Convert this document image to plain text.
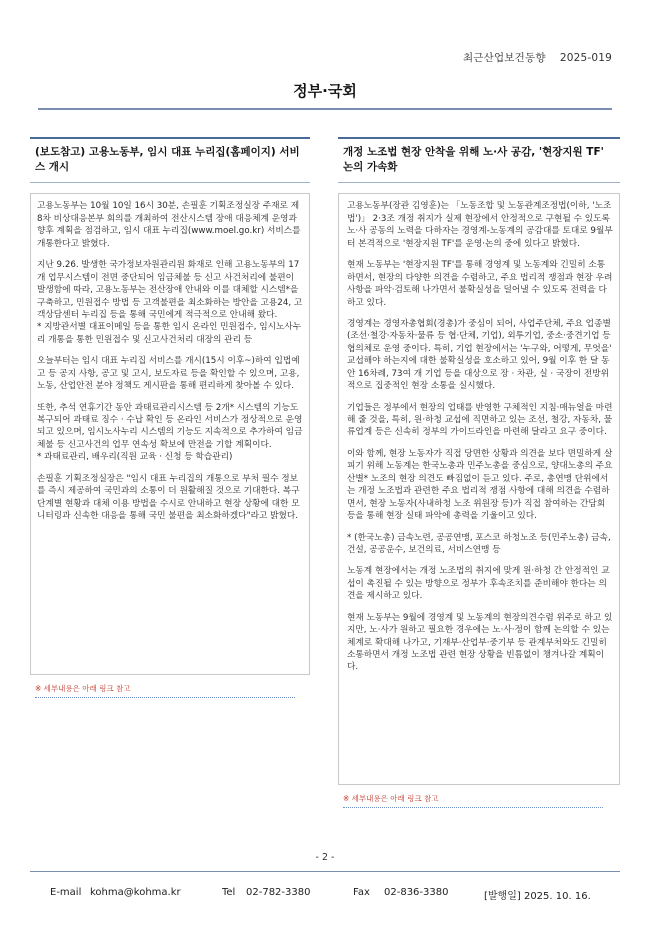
최근산업보건동향 2025-019
정부·국회
(보도참고) 고용노동부, 임시 대표 누리집(홈페이지) 서비스 개시

고용노동부는 10월 10일 16시 30분, 손필훈 기획조정실장 주재로 제8차 비상대응본부 회의를 개최하여 전산시스템 장애 대응체계 운영과 향후 계획을 점검하고, 임시 대표 누리집(www.moel.go.kr) 서비스를 개통한다고 밝혔다.

지난 9.26. 발생한 국가정보자원관리원 화재로 인해 고용노동부의 17개 업무시스템이 전면 중단되어 임금체불 등 신고 사건처리에 불편이 발생함에 따라, 고용노동부는 전산장애 안내와 이를 대체할 시스템*을 구축하고, 민원접수 방법 등 고객불편을 최소화하는 방안을 고용24, 고객상담센터 누리집 등을 통해 국민에게 적극적으로 안내해 왔다.
* 지방관서별 대표이메일 등을 통한 임시 온라인 민원접수, 임시노사누리 개통을 통한 민원접수 및 신고사건처리 대장의 관리 등

오늘부터는 임시 대표 누리집 서비스를 개시(15시 이후~)하여 입법예고 등 공지 사항, 공고 및 고시, 보도자료 등을 확인할 수 있으며, 고용, 노동, 산업안전 분야 정책도 게시판을 통해 편리하게 찾아볼 수 있다.

또한, 추석 연휴기간 동안 과태료관리시스템 등 2개* 시스템의 기능도 복구되어 과태료 징수 · 수납 확인 등 온라인 서비스가 정상적으로 운영되고 있으며, 임시노사누리 시스템의 기능도 지속적으로 추가하여 임금체불 등 신고사건의 업무 연속성 확보에 만전을 기할 계획이다.
* 과태료관리, 배우리(직원 교육 · 신청 등 학습관리)

손필훈 기획조정실장은 "임시 대표 누리집의 개통으로 부처 필수 정보를 즉시 제공하여 국민과의 소통이 더 원활해질 것으로 기대한다. 복구 단계별 현황과 대체 이용 방법을 수시로 안내하고 현장 상황에 대한 모니터링과 신속한 대응을 통해 국민 불편을 최소화하겠다"라고 밝혔다.

※ 세부내용은 아래 링크 참고
개정 노조법 현장 안착을 위해 노·사 공감, '현장지원 TF' 논의 가속화

고용노동부(장관 김영훈)는 「노동조합 및 노동관계조정법(이하, '노조법')」 2·3조 개정 취지가 실제 현장에서 안정적으로 구현될 수 있도록 노·사 공동의 노력을 다하자는 경영계-노동계의 공감대를 토대로 9월부터 본격적으로 '현장지원 TF'를 운영·논의 중에 있다고 밝혔다.

현재 노동부는 '현장지원 TF'를 통해 경영계 및 노동계와 긴밀히 소통하면서, 현장의 다양한 의견을 수렴하고, 주요 법리적 쟁점과 현장 우려사항을 파악·검토해 나가면서 불확실성을 덜어낼 수 있도록 전력을 다하고 있다.

경영계는 경영자총협회(경총)가 중심이 되어, 사업주단체, 주요 업종별(조선·철강·자동차·물류 등 협·단체, 기업), 외투기업, 중소·중견기업 등 협의체로 운영 중이다. 특히, 기업 현장에서는 '누구와, 어떻게, 무엇을' 교섭해야 하는지에 대한 불확실성을 호소하고 있어, 9월 이후 한 달 동안 16차례, 73여 개 기업 등을 대상으로 장 · 차관, 실 · 국장이 전방위적으로 집중적인 현장 소통을 실시했다.

기업들은 정부에서 현장의 업태를 반영한 구체적인 지침·매뉴얼을 마련해 줄 것을, 특히, 원·하청 교섭에 직면하고 있는 조선, 철강, 자동차, 물류업계 등은 신속히 정부의 가이드라인을 마련해 달라고 요구 중이다.

이와 함께, 현장 노동자가 직접 당면한 상황과 의견을 보다 면밀하게 살피기 위해 노동계는 한국노총과 민주노총을 중심으로, 양대노총의 주요 산별* 노조의 현장 의견도 빠짐없이 듣고 있다. 주로, 총연맹 단위에서는 개정 노조법과 관련한 주요 법리적 쟁점 사항에 대해 의견을 수렴하면서, 현장 노동자(사내하청 노조 위원장 등)가 직접 참여하는 간담회 등을 통해 현장 실태 파악에 총력을 기울이고 있다.

* (한국노총) 금속노련, 공공연맹, 포스코 하청노조 등(민주노총) 금속, 건설, 공공운수, 보건의료, 서비스연맹 등

노동계 현장에서는 개정 노조법의 취지에 맞게 원·하청 간 안정적인 교섭이 촉진될 수 있는 방향으로 정부가 후속조치를 준비해야 한다는 의견을 제시하고 있다.

현재 노동부는 9월에 경영계 및 노동계의 현장의견수렴 위주로 하고 있지만, 노·사가 원하고 필요한 경우에는 노·사·정이 함께 논의할 수 있는 체계로 확대해 나가고, 기재부·산업부·중기부 등 관계부처와도 긴밀히 소통하면서 개정 노조법 관련 현장 상황을 빈틈없이 챙겨나갈 계획이다.

※ 세부내용은 아래 링크 참고
- 2 -
E-mail kohma@kohma.kr	Tel 02-782-3380	Fax 02-836-3380	[발행일] 2025. 10. 16.
